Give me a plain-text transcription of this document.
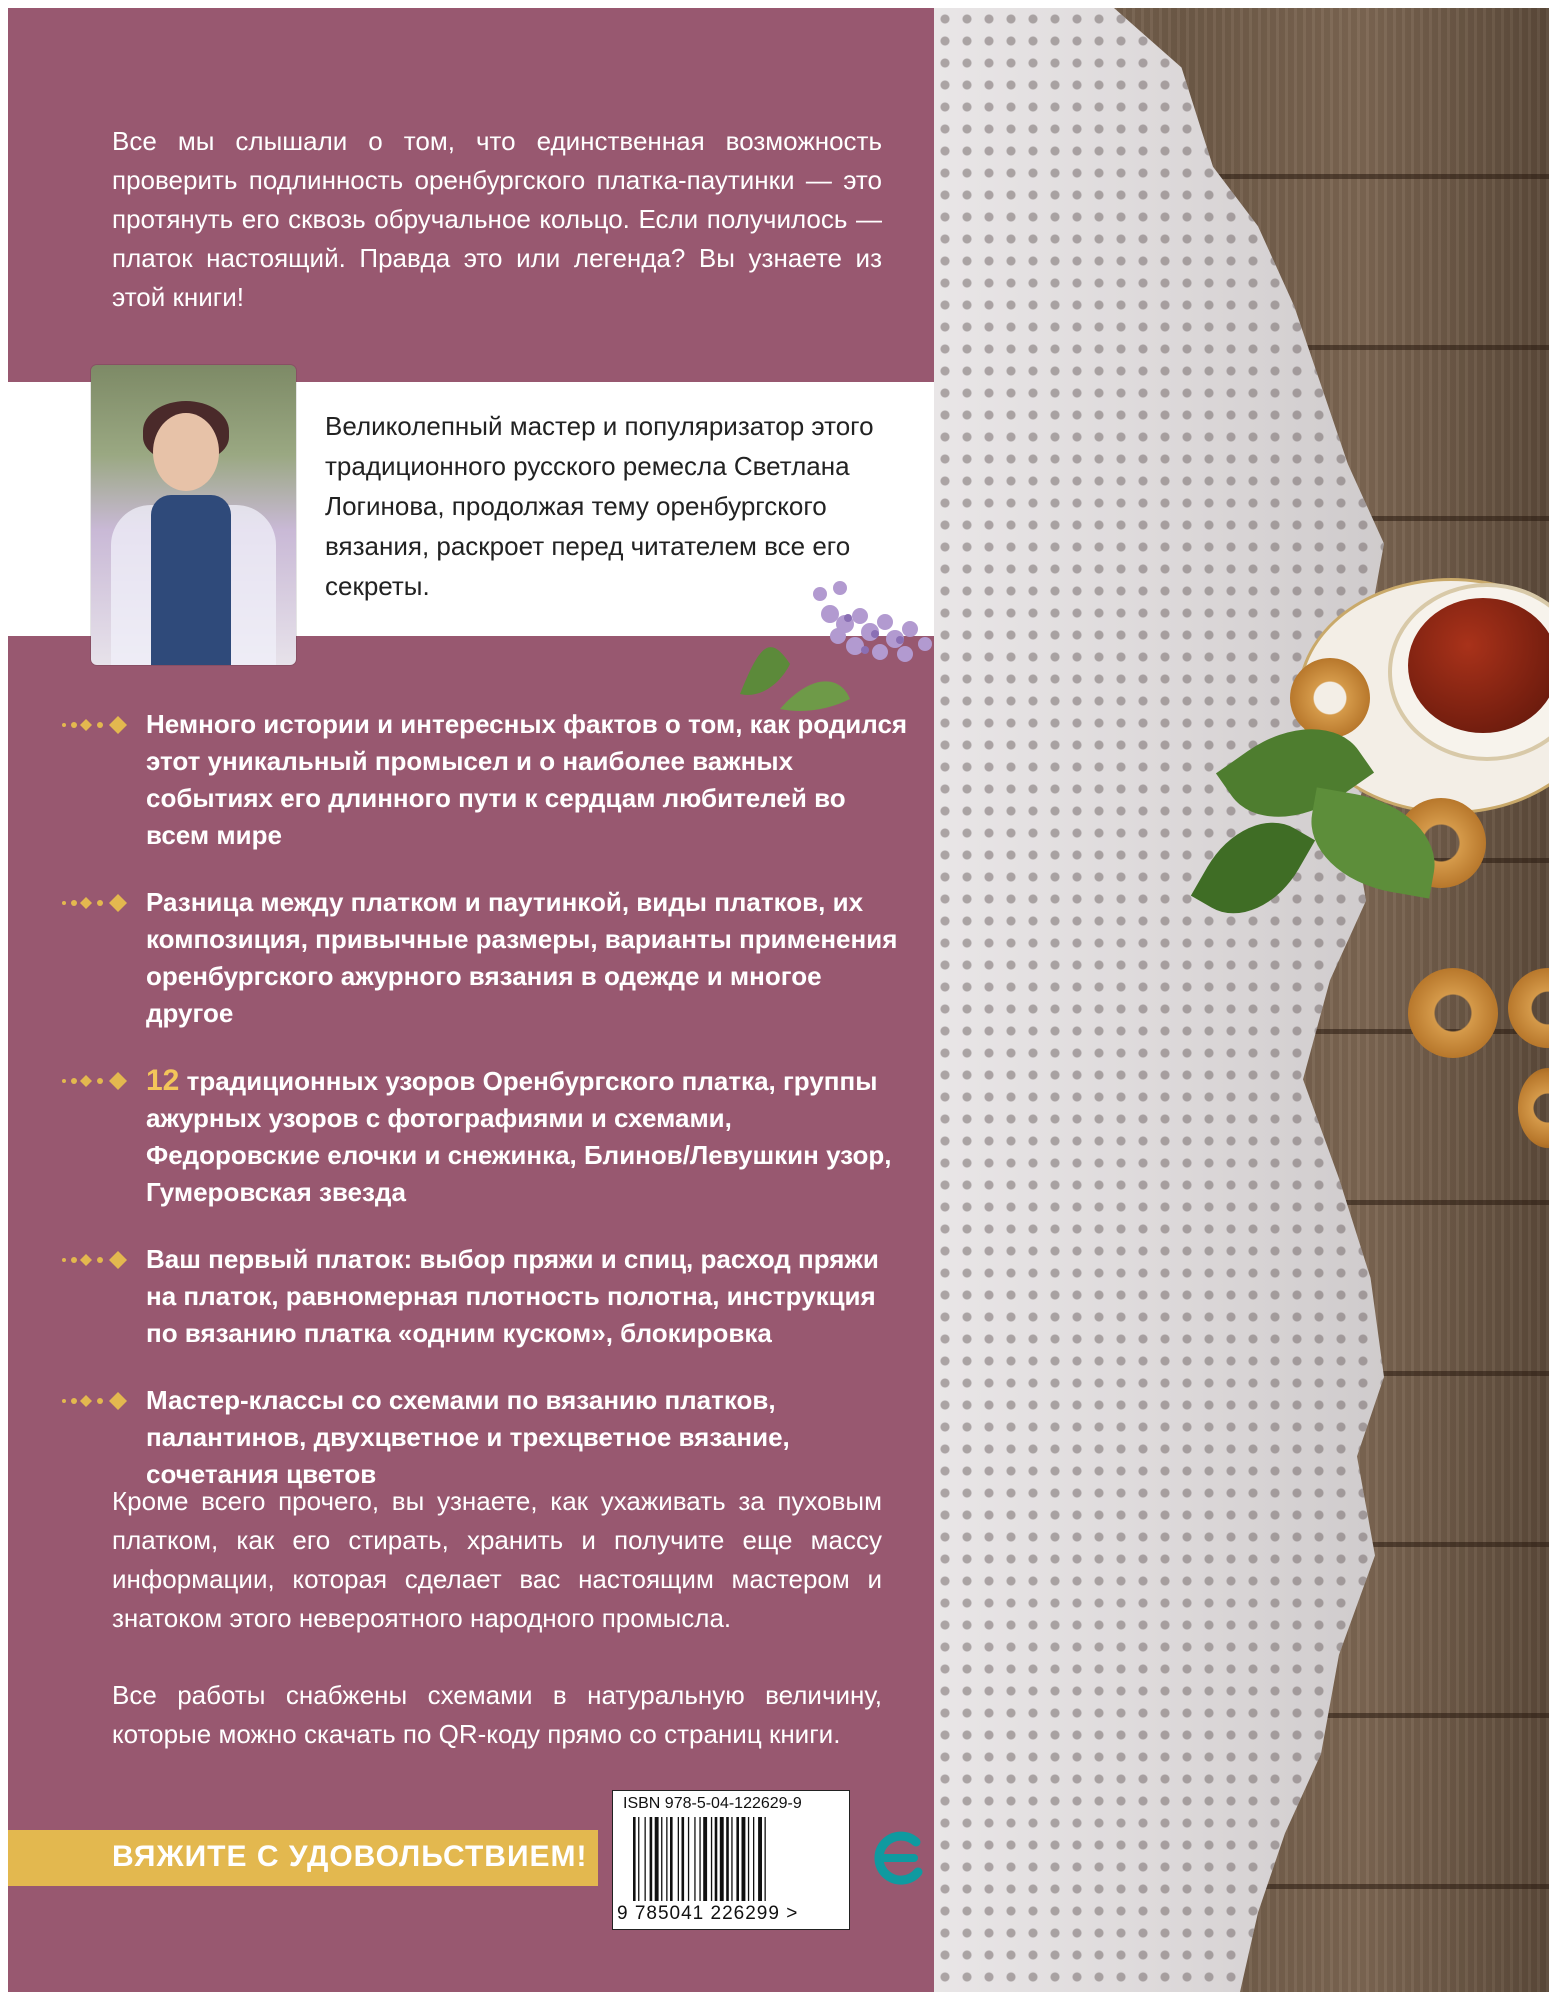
Все мы слышали о том, что единственная возможность проверить подлинность оренбургского платка-паутинки — это протянуть его сквозь обручальное кольцо. Если получилось — платок настоящий. Правда это или легенда? Вы узнаете из этой книги!
Великолепный мастер и популяризатор этого традиционного русского ремесла Светлана Логинова, продолжая тему оренбургского вязания, раскроет перед читателем все его секреты.
Немного истории и интересных фактов о том, как родился этот уникальный промысел и о наиболее важных событиях его длинного пути к сердцам любителей во всем мире
Разница между платком и паутинкой, виды платков, их композиция, привычные размеры, варианты применения оренбургского ажурного вязания в одежде и многое другое
12 традиционных узоров Оренбургского платка, группы ажурных узоров с фотографиями и схемами, Федоровские елочки и снежинка, Блинов/Левушкин узор, Гумеровская звезда
Ваш первый платок: выбор пряжи и спиц, расход пряжи на платок, равномерная плотность полотна, инструкция по вязанию платка «одним куском», блокировка
Мастер-классы со схемами по вязанию платков, палантинов, двухцветное и трехцветное вязание, сочетания цветов

Кроме всего прочего, вы узнаете, как ухаживать за пуховым платком, как его стирать, хранить и получите еще массу информации, которая сделает вас настоящим мастером и знатоком этого невероятного народного промысла.

Все работы снабжены схемами в натуральную величину, которые можно скачать по QR-коду прямо со страниц книги.

ВЯЖИТЕ С УДОВОЛЬСТВИЕМ!
ISBN 978-5-04-122629-9
9 785041 226299 >
